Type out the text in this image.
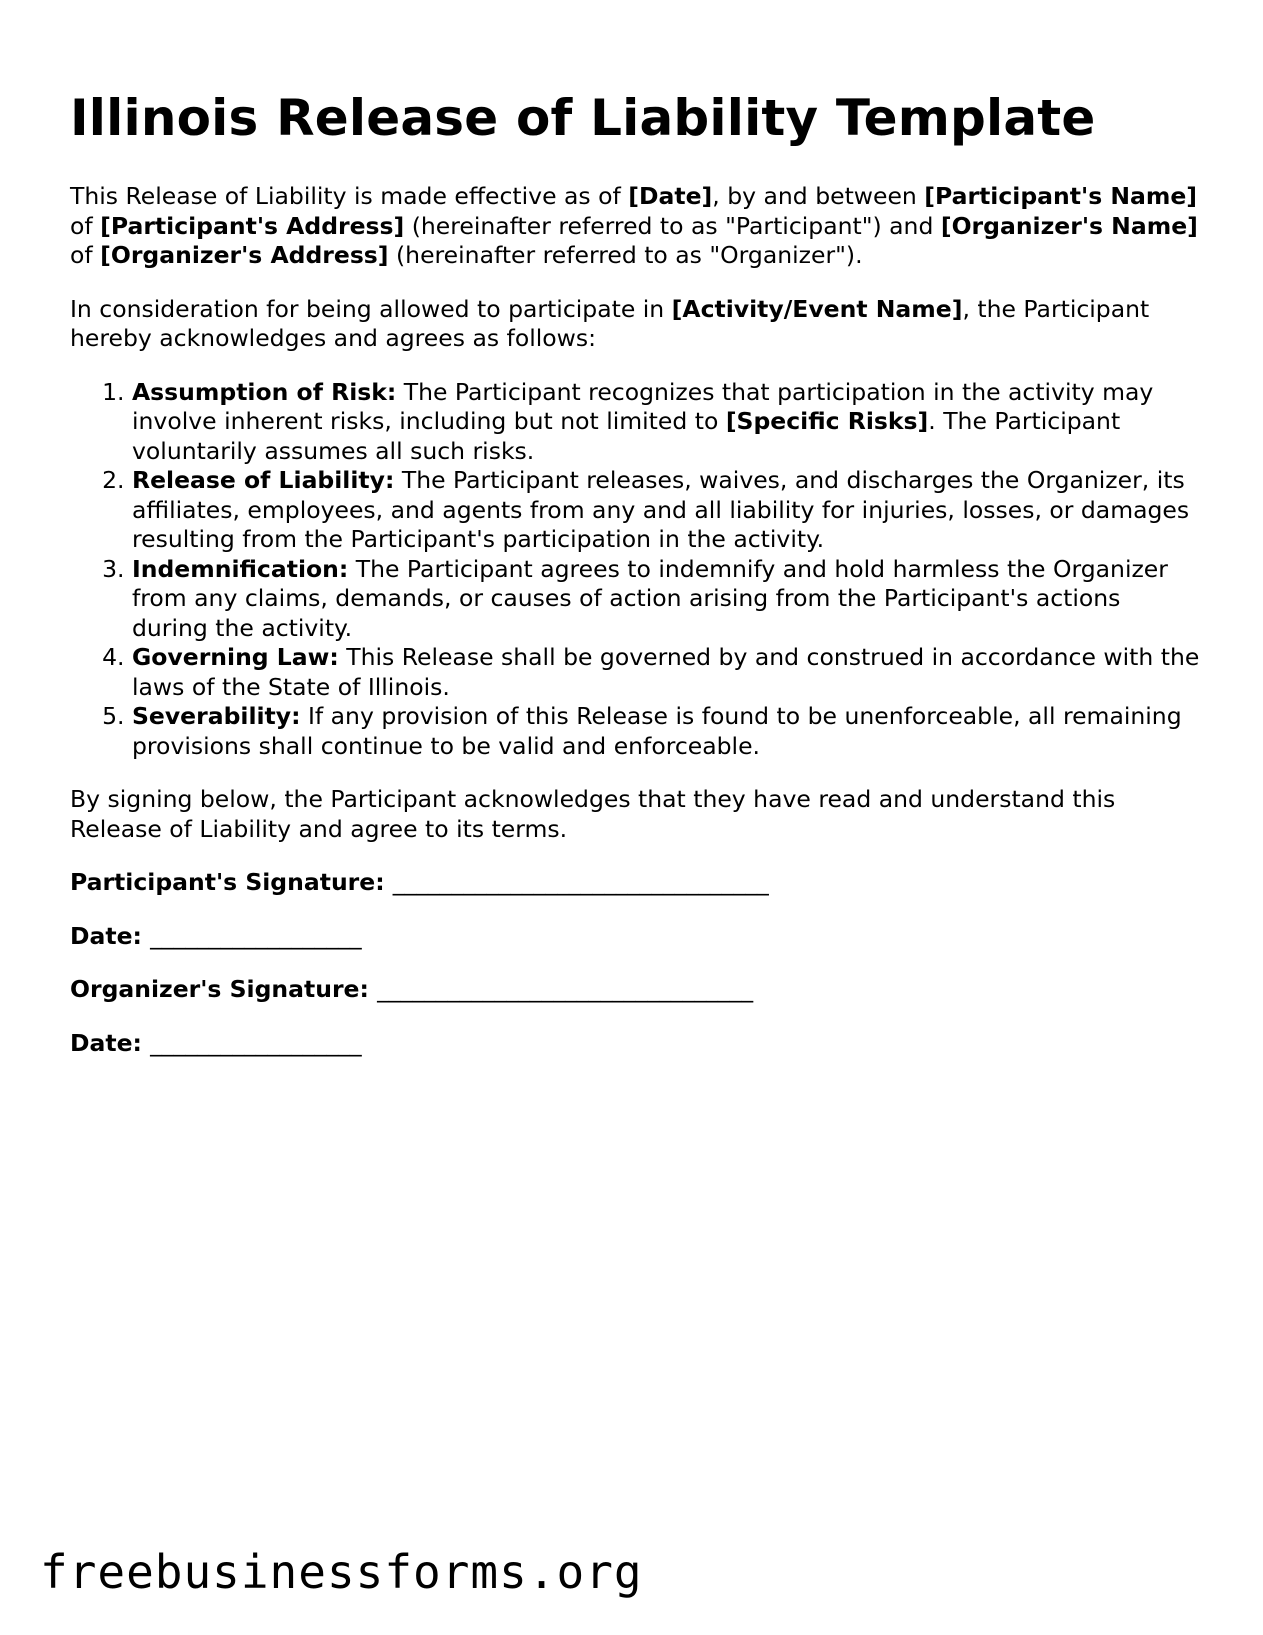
Illinois Release of Liability Template

This Release of Liability is made effective as of [Date], by and between [Participant's Name] of [Participant's Address] (hereinafter referred to as "Participant") and [Organizer's Name] of [Organizer's Address] (hereinafter referred to as "Organizer").

In consideration for being allowed to participate in [Activity/Event Name], the Participant hereby acknowledges and agrees as follows:

1. Assumption of Risk: The Participant recognizes that participation in the activity may involve inherent risks, including but not limited to [Specific Risks]. The Participant voluntarily assumes all such risks.
2. Release of Liability: The Participant releases, waives, and discharges the Organizer, its affiliates, employees, and agents from any and all liability for injuries, losses, or damages resulting from the Participant's participation in the activity.
3. Indemnification: The Participant agrees to indemnify and hold harmless the Organizer from any claims, demands, or causes of action arising from the Participant's actions during the activity.
4. Governing Law: This Release shall be governed by and construed in accordance with the laws of the State of Illinois.
5. Severability: If any provision of this Release is found to be unenforceable, all remaining provisions shall continue to be valid and enforceable.

By signing below, the Participant acknowledges that they have read and understand this Release of Liability and agree to its terms.

Participant's Signature: ________________________________
Date: __________________
Organizer's Signature: ________________________________
Date: __________________
freebusinessforms.org
